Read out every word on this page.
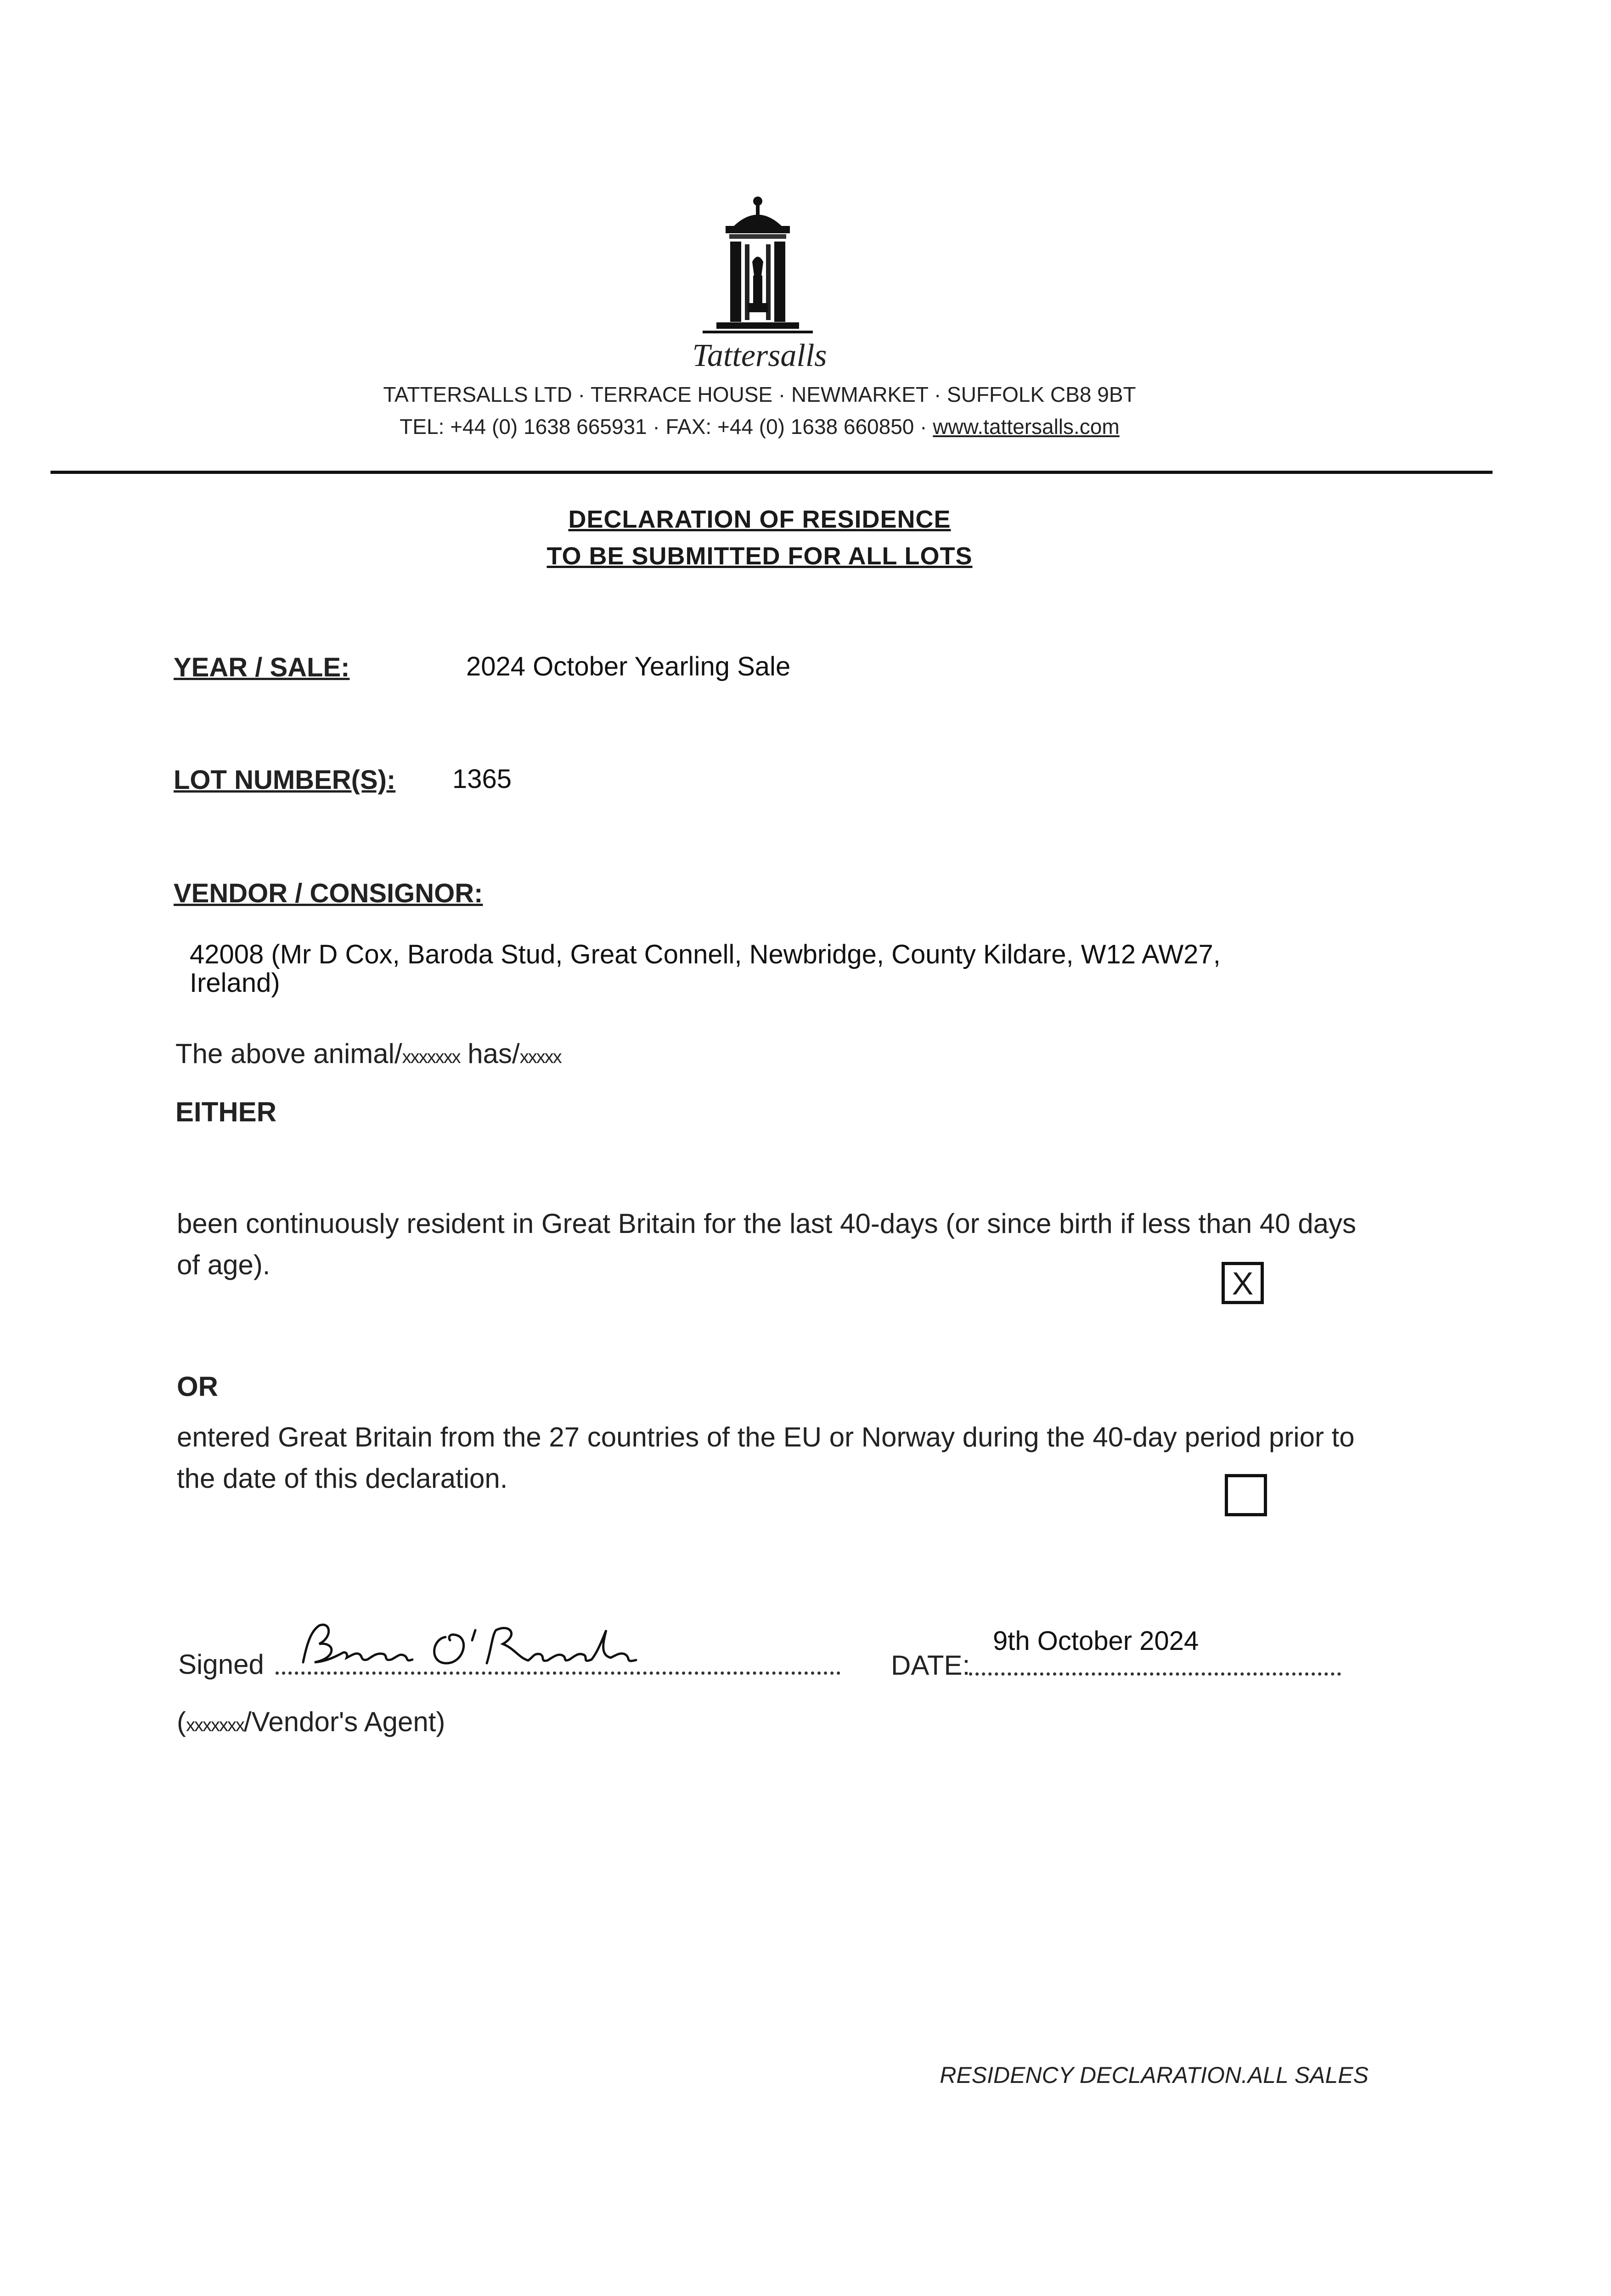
Tattersalls
TATTERSALLS LTD · TERRACE HOUSE · NEWMARKET · SUFFOLK CB8 9BT
TEL: +44 (0) 1638 665931 · FAX: +44 (0) 1638 660850 · www.tattersalls.com
DECLARATION OF RESIDENCE
TO BE SUBMITTED FOR ALL LOTS
YEAR / SALE:	2024 October Yearling Sale
LOT NUMBER(S): 1365
VENDOR / CONSIGNOR:
42008 (Mr D Cox, Baroda Stud, Great Connell, Newbridge, County Kildare, W12 AW27, Ireland)
The above animal/xxxxxxx has/xxxxx
EITHER
been continuously resident in Great Britain for the last 40-days (or since birth if less than 40 days of age).
X
OR
entered Great Britain from the 27 countries of the EU or Norway during the 40-day period prior to the date of this declaration.
Signed	DATE:
9th October 2024
(xxxxxxx/Vendor's Agent)
RESIDENCY DECLARATION.ALL SALES
